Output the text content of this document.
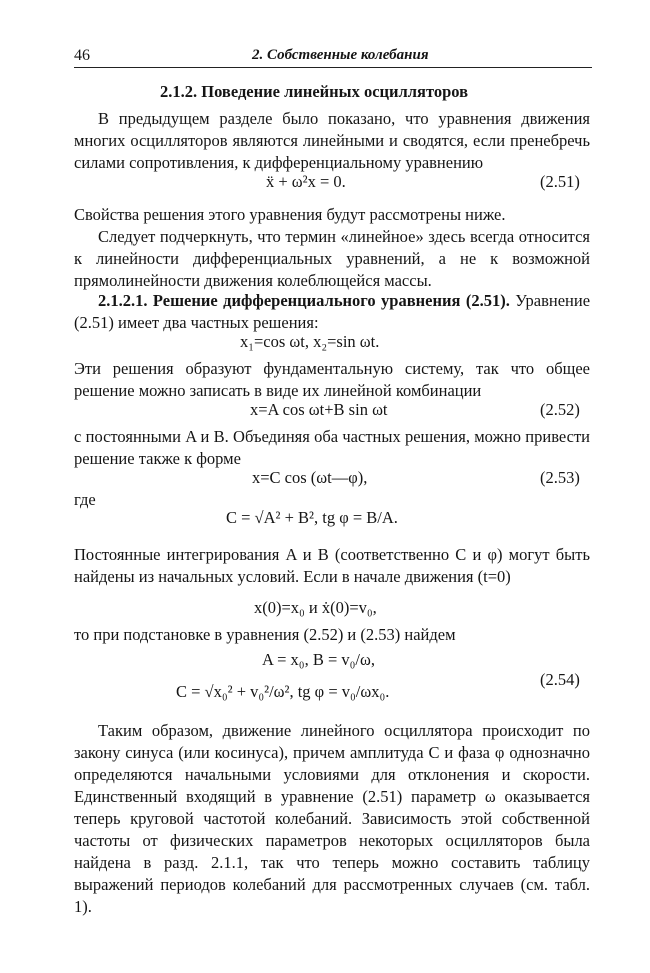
46	2. Собственные колебания
2.1.2. Поведение линейных осцилляторов

В предыдущем разделе было показано, что уравнения движения многих осцилляторов являются линейными и сводятся, если пренебречь силами сопротивления, к дифференциальному уравнению

ẍ + ω²x = 0.	(2.51)

Свойства решения этого уравнения будут рассмотрены ниже.

Следует подчеркнуть, что термин «линейное» здесь всегда относится к линейности дифференциальных уравнений, а не к возможной прямолинейности движения колеблющейся массы.

2.1.2.1. Решение дифференциального уравнения (2.51). Уравнение (2.51) имеет два частных решения:

x₁=cos ωt, x₂=sin ωt.

Эти решения образуют фундаментальную систему, так что общее решение можно записать в виде их линейной комбинации

x=A cos ωt+B sin ωt	(2.52)

с постоянными A и B. Объединяя оба частных решения, можно привести решение также к форме

x=C cos (ωt—φ),	(2.53)
где
C = √A² + B², tg φ = B/A.

Постоянные интегрирования A и B (соответственно C и φ) могут быть найдены из начальных условий. Если в начале движения (t=0)

x(0)=x₀ и ẋ(0)=v₀,

то при подстановке в уравнения (2.52) и (2.53) найдем

A = x₀, B = v₀/ω,
C = √x₀² + v₀²/ω², tg φ = v₀/ωx₀.
(2.54)

Таким образом, движение линейного осциллятора происходит по закону синуса (или косинуса), причем амплитуда C и фаза φ однозначно определяются начальными условиями для отклонения и скорости. Единственный входящий в уравнение (2.51) параметр ω оказывается теперь круговой частотой колебаний. Зависимость этой собственной частоты от физических параметров некоторых осцилляторов была найдена в разд. 2.1.1, так что теперь можно составить таблицу выражений периодов колебаний для рассмотренных случаев (см. табл. 1).
